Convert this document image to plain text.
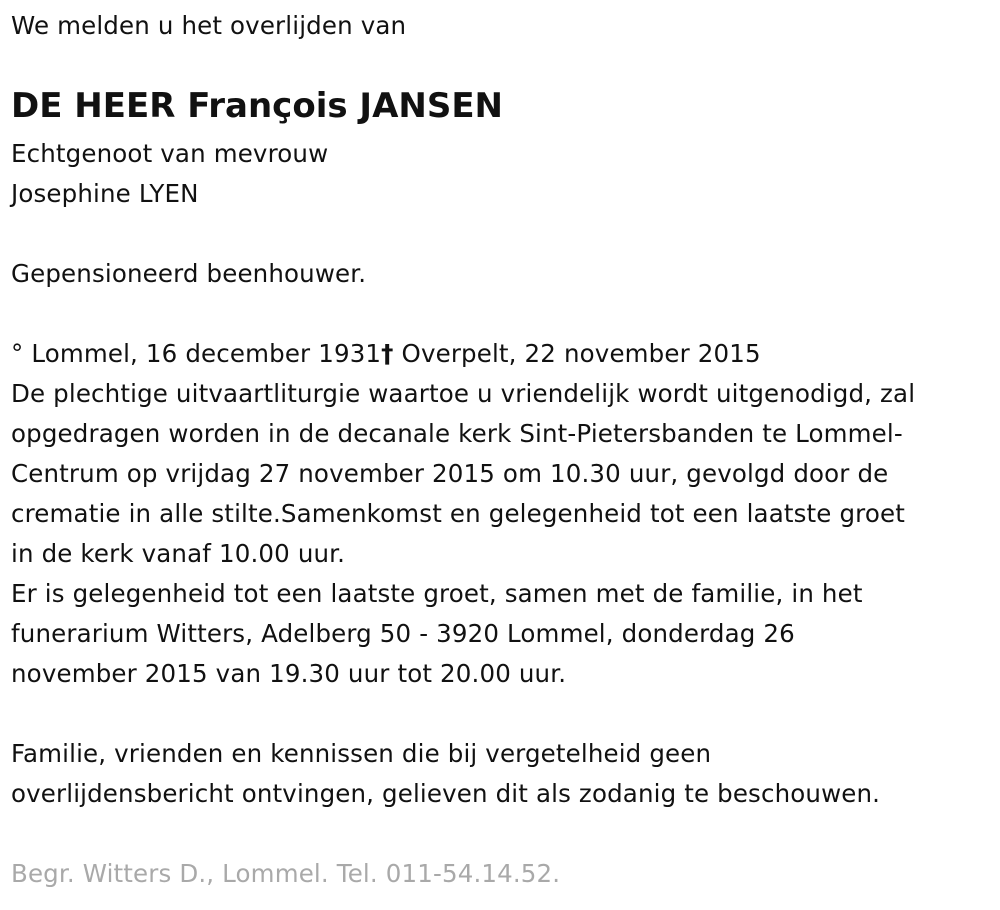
We melden u het overlijden van
DE HEER François JANSEN
Echtgenoot van mevrouw
Josephine LYEN
Gepensioneerd beenhouwer.
° Lommel, 16 december 1931† Overpelt, 22 november 2015
De plechtige uitvaartliturgie waartoe u vriendelijk wordt uitgenodigd, zal
opgedragen worden in de decanale kerk Sint-Pietersbanden te Lommel-
Centrum op vrijdag 27 november 2015 om 10.30 uur, gevolgd door de
crematie in alle stilte.Samenkomst en gelegenheid tot een laatste groet
in de kerk vanaf 10.00 uur.
Er is gelegenheid tot een laatste groet, samen met de familie, in het
funerarium Witters, Adelberg 50 - 3920 Lommel, donderdag 26
november 2015 van 19.30 uur tot 20.00 uur.
Familie, vrienden en kennissen die bij vergetelheid geen
overlijdensbericht ontvingen, gelieven dit als zodanig te beschouwen.
Begr. Witters D., Lommel. Tel. 011-54.14.52.
